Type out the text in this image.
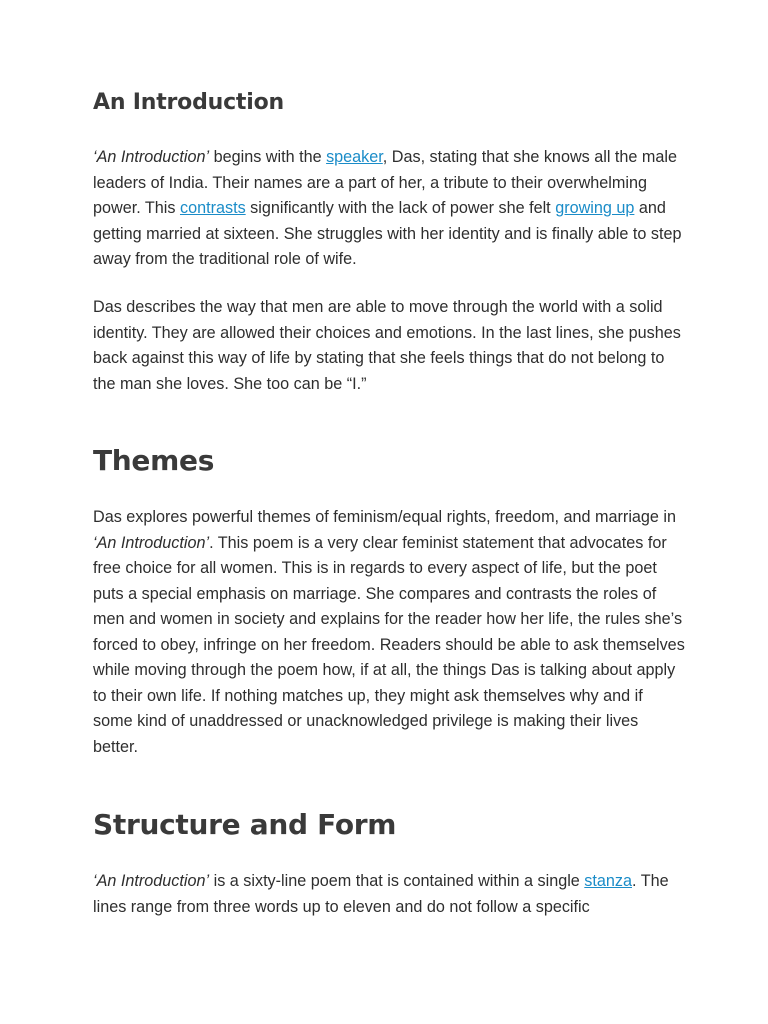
An Introduction

‘An Introduction’ begins with the speaker, Das, stating that she knows all the male leaders of India. Their names are a part of her, a tribute to their overwhelming power. This contrasts significantly with the lack of power she felt growing up and getting married at sixteen. She struggles with her identity and is finally able to step away from the traditional role of wife.

Das describes the way that men are able to move through the world with a solid identity. They are allowed their choices and emotions. In the last lines, she pushes back against this way of life by stating that she feels things that do not belong to the man she loves. She too can be “I.”

Themes

Das explores powerful themes of feminism/equal rights, freedom, and marriage in ‘An Introduction’. This poem is a very clear feminist statement that advocates for free choice for all women. This is in regards to every aspect of life, but the poet puts a special emphasis on marriage. She compares and contrasts the roles of men and women in society and explains for the reader how her life, the rules she’s forced to obey, infringe on her freedom. Readers should be able to ask themselves while moving through the poem how, if at all, the things Das is talking about apply to their own life. If nothing matches up, they might ask themselves why and if some kind of unaddressed or unacknowledged privilege is making their lives better.

Structure and Form

‘An Introduction’ is a sixty-line poem that is contained within a single stanza. The lines range from three words up to eleven and do not follow a specific
